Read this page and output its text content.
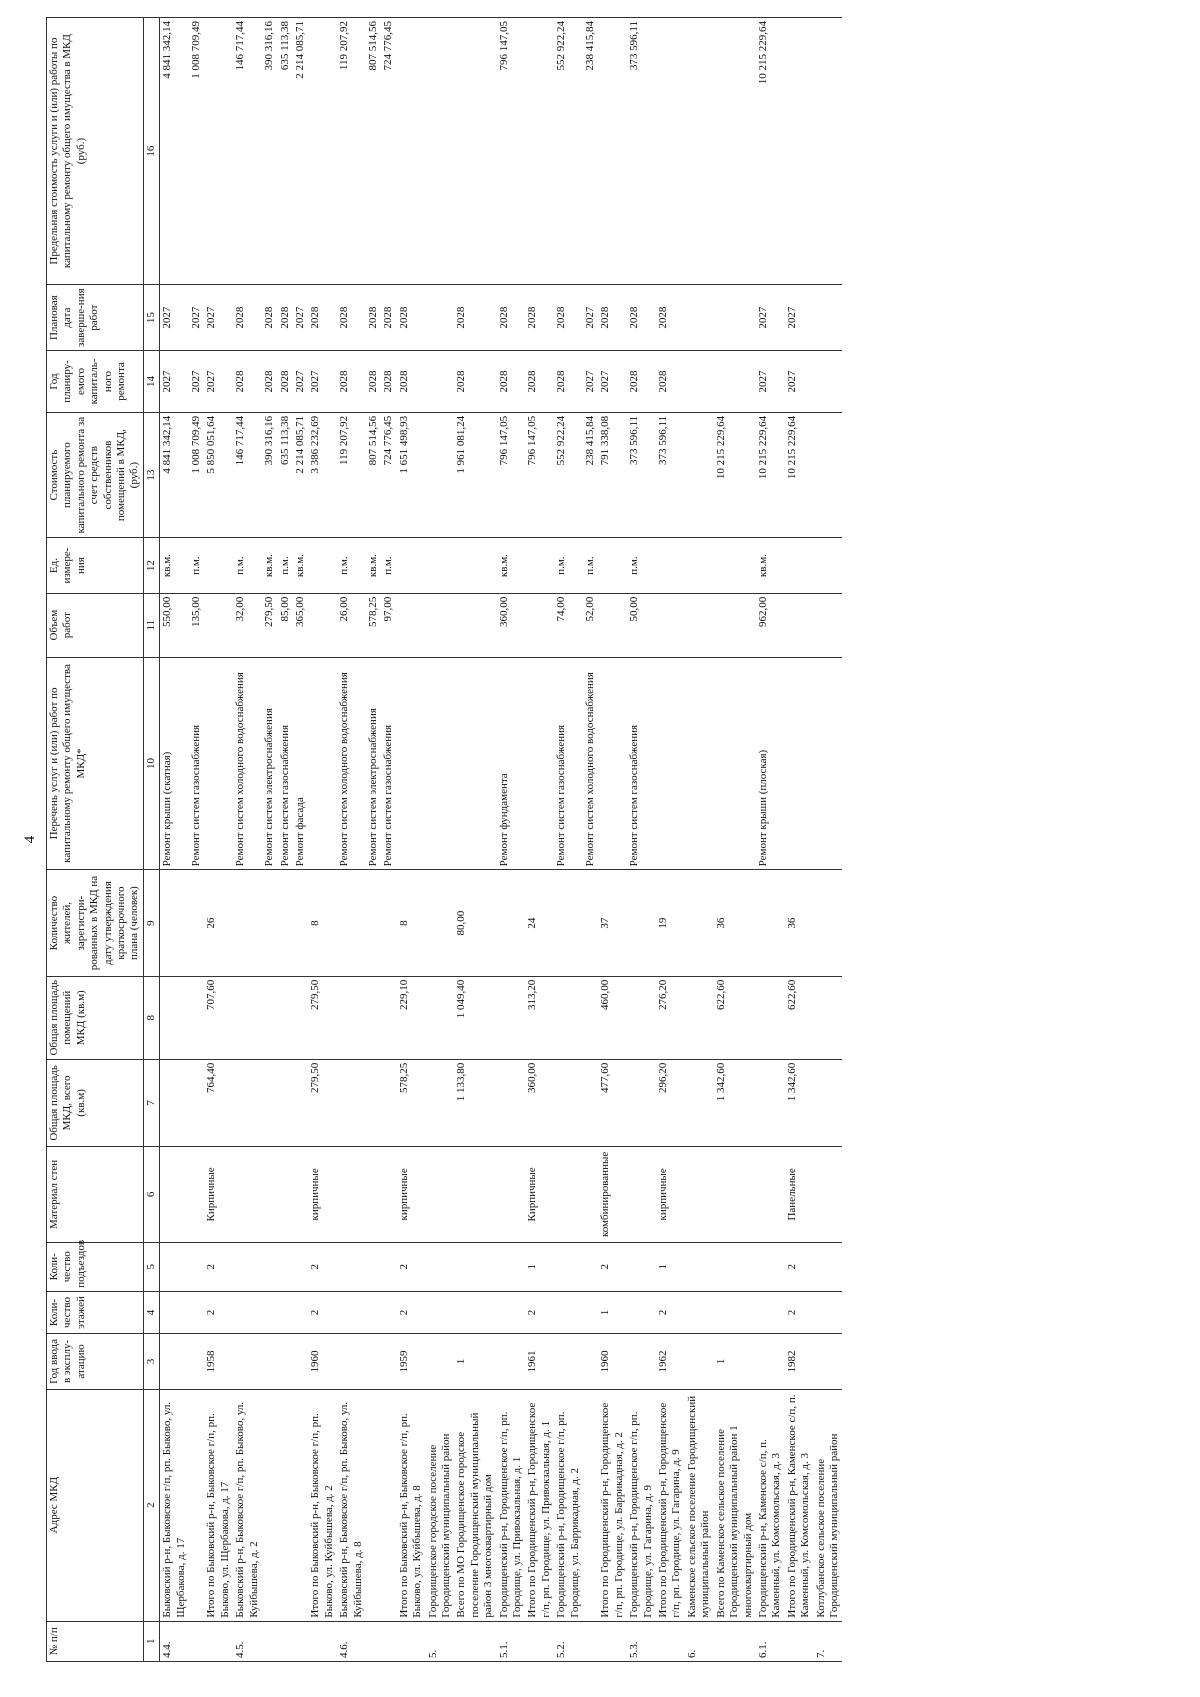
4
№ п/п	Адрес МКД	Год ввода в эксплу-атацию	Коли-чество этажей	Коли-чество подъездов	Материал стен	Общая площадь МКД, всего (кв.м)	Общая площадь помещений МКД (кв.м)	Количество жителей, зарегистри-рованных в МКД на дату утверждения краткосрочного плана (человек)	Перечень услуг и (или) работ по капитальному ремонту общего имущества МКД*	Объем работ	Ед. измере-ния	Стоимость планируемого капитального ремонта за счет средств собственников помещений в МКД, (руб.)	Год планиру-емого капиталь-ного ремонта	Плановая дата заверше-ния работ	Предельная стоимость услуги и (или) работы по капитальному ремонту общего имущества в МКД (руб.)
1	2	3	4	5	6	7	8	9	10	11	12	13	14	15	16
4.4.	Быковский р-н, Быковское г/п, рп. Быково, ул. Щербакова, д. 17								Ремонт крыши (скатная)	550,00	кв.м.	4 841 342,14	2027	2027	4 841 342,14
									Ремонт систем газоснабжения	135,00	п.м.	1 008 709,49	2027	2027	1 008 709,49
	Итого по Быковский р-н, Быковское г/п, рп. Быково, ул. Щербакова, д. 17	1958	2	2	Кирпичные	764,40	707,60	26				5 850 051,64	2027	2027	
4.5.	Быковский р-н, Быковское г/п, рп. Быково, ул. Куйбышева, д. 2								Ремонт систем холодного водоснабжения	32,00	п.м.	146 717,44	2028	2028	146 717,44
									Ремонт систем электроснабжения	279,50	кв.м.	390 316,16	2028	2028	390 316,16
									Ремонт систем газоснабжения	85,00	п.м.	635 113,38	2028	2028	635 113,38
									Ремонт фасада	365,00	кв.м.	2 214 085,71	2027	2027	2 214 085,71
	Итого по Быковский р-н, Быковское г/п, рп. Быково, ул. Куйбышева, д. 2	1960	2	2	кирпичные	279,50	279,50	8				3 386 232,69	2027	2028	
4.6.	Быковский р-н, Быковское г/п, рп. Быково, ул. Куйбышева, д. 8								Ремонт систем холодного водоснабжения	26,00	п.м.	119 207,92	2028	2028	119 207,92
									Ремонт систем электроснабжения	578,25	кв.м.	807 514,56	2028	2028	807 514,56
									Ремонт систем газоснабжения	97,00	п.м.	724 776,45	2028	2028	724 776,45
	Итого по Быковский р-н, Быковское г/п, рп. Быково, ул. Куйбышева, д. 8	1959	2	2	кирпичные	578,25	229,10	8				1 651 498,93	2028	2028	
5.	Городищенское городское поселение Городищенский муниципальный район														
	Всего по МО Городищенское городское поселение Городищенский муниципальный район 3 многоквартирный дом	1				1 133,80	1 049,40	80,00				1 961 081,24	2028	2028	
5.1.	Городищенский р-н, Городищенское г/п, рп. Городище, ул. Привокзальная, д. 1								Ремонт фундамента	360,00	кв.м.	796 147,05	2028	2028	796 147,05
	Итого по Городищенский р-н, Городищенское г/п, рп. Городище, ул. Привокзальная, д. 1	1961	2	1	Кирпичные	360,00	313,20	24				796 147,05	2028	2028	
5.2.	Городищенский р-н, Городищенское г/п, рп. Городище, ул. Баррикадная, д. 2								Ремонт систем газоснабжения	74,00	п.м.	552 922,24	2028	2028	552 922,24
									Ремонт систем холодного водоснабжения	52,00	п.м.	238 415,84	2027	2027	238 415,84
	Итого по Городищенский р-н, Городищенское г/п, рп. Городище, ул. Баррикадная, д. 2	1960	1	2	комбинированные	477,60	460,00	37				791 338,08	2027	2028	
5.3.	Городищенский р-н, Городищенское г/п, рп. Городище, ул. Гагарина, д. 9								Ремонт систем газоснабжения	50,00	п.м.	373 596,11	2028	2028	373 596,11
	Итого по Городищенский р-н, Городищенское г/п, рп. Городище, ул. Гагарина, д. 9	1962	2	1	кирпичные	296,20	276,20	19				373 596,11	2028	2028	
6.	Каменское сельское поселение Городищенский муниципальный район														
	Всего по Каменское сельское поселение Городищенский муниципальный район 1 многоквартирный дом	1				1 342,60	622,60	36				10 215 229,64			
6.1.	Городищенский р-н, Каменское с/п, п. Каменный, ул. Комсомольская, д. 3								Ремонт крыши (плоская)	962,00	кв.м.	10 215 229,64	2027	2027	10 215 229,64
	Итого по Городищенский р-н, Каменское с/п, п. Каменный, ул. Комсомольская, д. 3	1982	2	2	Панельные	1 342,60	622,60	36				10 215 229,64	2027	2027	
7.	Котлубанское сельское поселение Городищенский муниципальный район														
